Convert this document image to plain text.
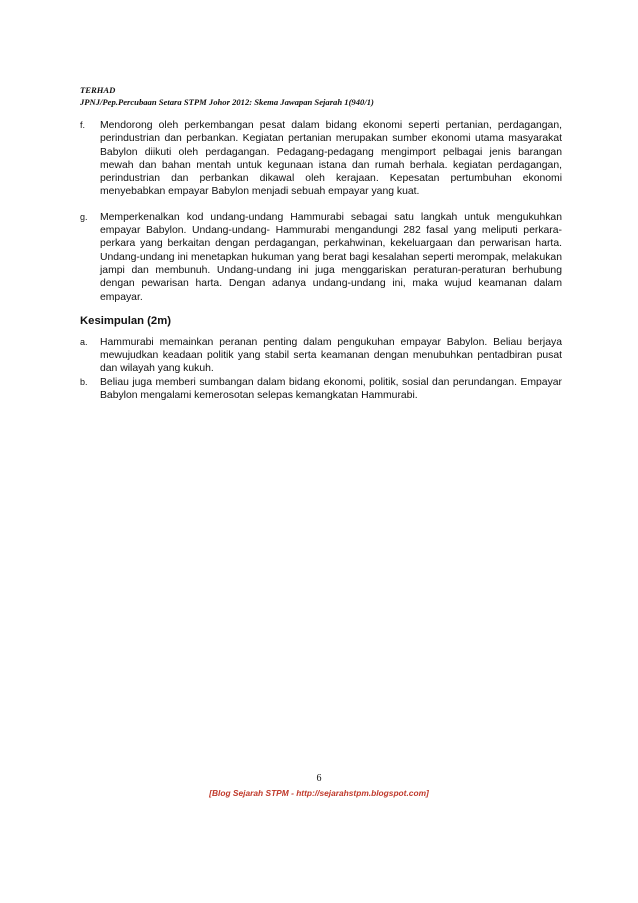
TERHAD
JPNJ/Pep.Percubaan Setara STPM Johor 2012: Skema Jawapan Sejarah 1(940/1)
f. Mendorong oleh perkembangan pesat dalam bidang ekonomi seperti pertanian, perdagangan, perindustrian dan perbankan. Kegiatan pertanian merupakan sumber ekonomi utama masyarakat Babylon diikuti oleh perdagangan. Pedagang-pedagang mengimport pelbagai jenis barangan mewah dan bahan mentah untuk kegunaan istana dan rumah berhala. kegiatan perdagangan, perindustrian dan perbankan dikawal oleh kerajaan. Kepesatan pertumbuhan ekonomi menyebabkan empayar Babylon menjadi sebuah empayar yang kuat.
g. Memperkenalkan kod undang-undang Hammurabi sebagai satu langkah untuk mengukuhkan empayar Babylon. Undang-undang- Hammurabi mengandungi 282 fasal yang meliputi perkara-perkara yang berkaitan dengan perdagangan, perkahwinan, kekeluargaan dan perwarisan harta. Undang-undang ini menetapkan hukuman yang berat bagi kesalahan seperti merompak, melakukan jampi dan membunuh. Undang-undang ini juga menggariskan peraturan-peraturan berhubung dengan pewarisan harta. Dengan adanya undang-undang ini, maka wujud keamanan dalam empayar.
Kesimpulan (2m)
a. Hammurabi memainkan peranan penting dalam pengukuhan empayar Babylon. Beliau berjaya mewujudkan keadaan politik yang stabil serta keamanan dengan menubuhkan pentadbiran pusat dan wilayah yang kukuh.
b. Beliau juga memberi sumbangan dalam bidang ekonomi, politik, sosial dan perundangan. Empayar Babylon mengalami kemerosotan selepas kemangkatan Hammurabi.
6
[Blog Sejarah STPM - http://sejarahstpm.blogspot.com]
